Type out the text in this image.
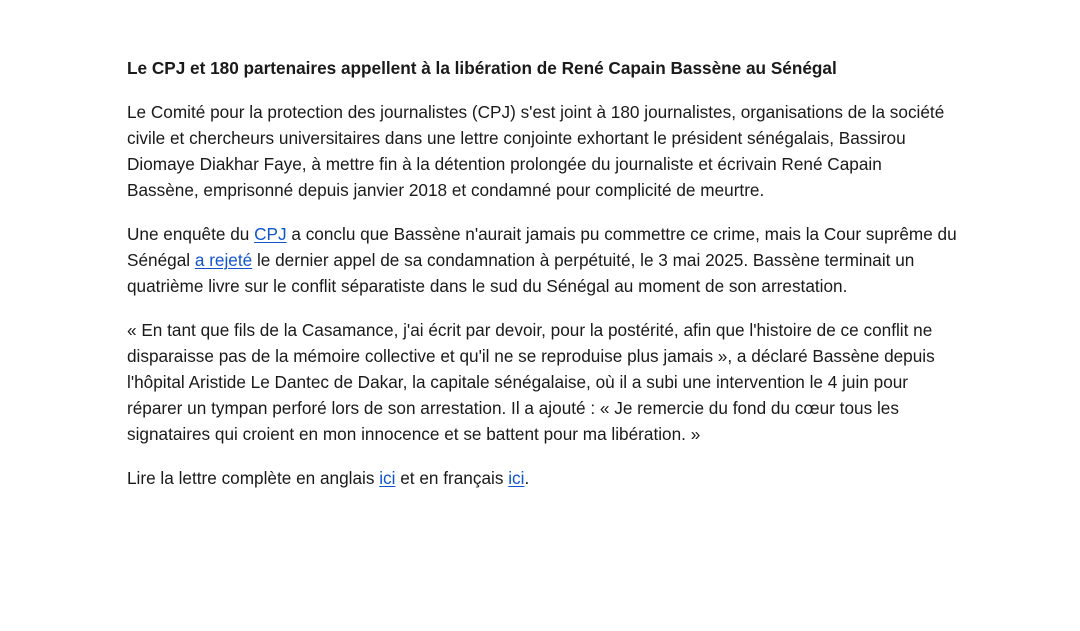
Le CPJ et 180 partenaires appellent à la libération de René Capain Bassène au Sénégal

Le Comité pour la protection des journalistes (CPJ) s'est joint à 180 journalistes, organisations de la société civile et chercheurs universitaires dans une lettre conjointe exhortant le président sénégalais, Bassirou Diomaye Diakhar Faye, à mettre fin à la détention prolongée du journaliste et écrivain René Capain Bassène, emprisonné depuis janvier 2018 et condamné pour complicité de meurtre.

Une enquête du CPJ a conclu que Bassène n'aurait jamais pu commettre ce crime, mais la Cour suprême du Sénégal a rejeté le dernier appel de sa condamnation à perpétuité, le 3 mai 2025. Bassène terminait un quatrième livre sur le conflit séparatiste dans le sud du Sénégal au moment de son arrestation.

« En tant que fils de la Casamance, j'ai écrit par devoir, pour la postérité, afin que l'histoire de ce conflit ne disparaisse pas de la mémoire collective et qu'il ne se reproduise plus jamais », a déclaré Bassène depuis l'hôpital Aristide Le Dantec de Dakar, la capitale sénégalaise, où il a subi une intervention le 4 juin pour réparer un tympan perforé lors de son arrestation. Il a ajouté : « Je remercie du fond du cœur tous les signataires qui croient en mon innocence et se battent pour ma libération. »

Lire la lettre complète en anglais ici et en français ici.
